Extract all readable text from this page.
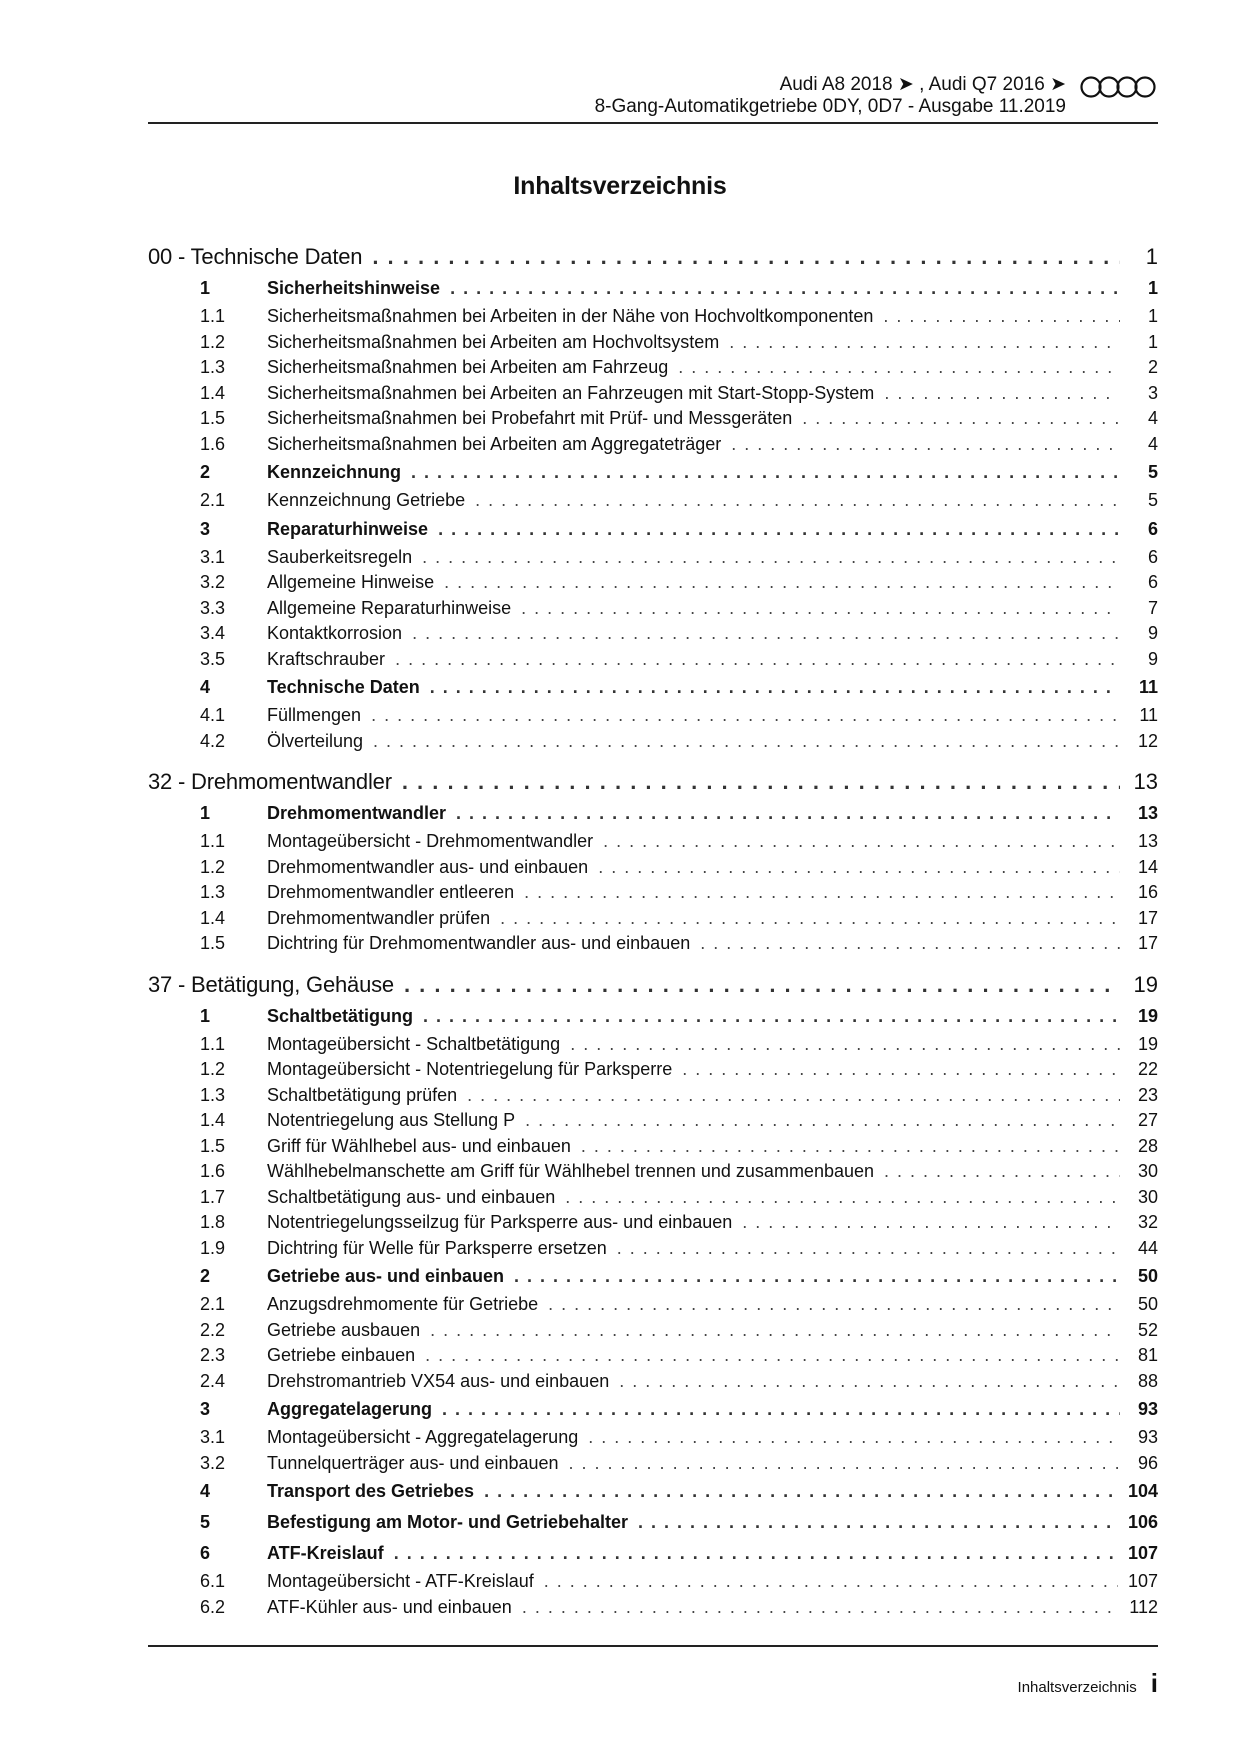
Audi A8 2018 ➤ , Audi Q7 2016 ➤
8-Gang-Automatikgetriebe 0DY, 0D7 - Ausgabe 11.2019
Inhaltsverzeichnis
00 - Technische Daten . . .	1
1	Sicherheitshinweise . . .	1
1.1	Sicherheitsmaßnahmen bei Arbeiten in der Nähe von Hochvoltkomponenten . . .	1
1.2	Sicherheitsmaßnahmen bei Arbeiten am Hochvoltsystem . . .	1
1.3	Sicherheitsmaßnahmen bei Arbeiten am Fahrzeug . . .	2
1.4	Sicherheitsmaßnahmen bei Arbeiten an Fahrzeugen mit Start-Stopp-System . . .	3
1.5	Sicherheitsmaßnahmen bei Probefahrt mit Prüf- und Messgeräten . . .	4
1.6	Sicherheitsmaßnahmen bei Arbeiten am Aggregateträger . . .	4
2	Kennzeichnung . . .	5
2.1	Kennzeichnung Getriebe . . .	5
3	Reparaturhinweise . . .	6
3.1	Sauberkeitsregeln . . .	6
3.2	Allgemeine Hinweise . . .	6
3.3	Allgemeine Reparaturhinweise . . .	7
3.4	Kontaktkorrosion . . .	9
3.5	Kraftschrauber . . .	9
4	Technische Daten . . .	11
4.1	Füllmengen . . .	11
4.2	Ölverteilung . . .	12
32 - Drehmomentwandler . . .	13
1	Drehmomentwandler . . .	13
1.1	Montageübersicht - Drehmomentwandler . . .	13
1.2	Drehmomentwandler aus- und einbauen . . .	14
1.3	Drehmomentwandler entleeren . . .	16
1.4	Drehmomentwandler prüfen . . .	17
1.5	Dichtring für Drehmomentwandler aus- und einbauen . . .	17
37 - Betätigung, Gehäuse . . .	19
1	Schaltbetätigung . . .	19
1.1	Montageübersicht - Schaltbetätigung . . .	19
1.2	Montageübersicht - Notentriegelung für Parksperre . . .	22
1.3	Schaltbetätigung prüfen . . .	23
1.4	Notentriegelung aus Stellung P . . .	27
1.5	Griff für Wählhebel aus- und einbauen . . .	28
1.6	Wählhebelmanschette am Griff für Wählhebel trennen und zusammenbauen . . .	30
1.7	Schaltbetätigung aus- und einbauen . . .	30
1.8	Notentriegelungsseilzug für Parksperre aus- und einbauen . . .	32
1.9	Dichtring für Welle für Parksperre ersetzen . . .	44
2	Getriebe aus- und einbauen . . .	50
2.1	Anzugsdrehmomente für Getriebe . . .	50
2.2	Getriebe ausbauen . . .	52
2.3	Getriebe einbauen . . .	81
2.4	Drehstromantrieb VX54 aus- und einbauen . . .	88
3	Aggregatelagerung . . .	93
3.1	Montageübersicht - Aggregatelagerung . . .	93
3.2	Tunnelquerträger aus- und einbauen . . .	96
4	Transport des Getriebes . . .	104
5	Befestigung am Motor- und Getriebehalter . . .	106
6	ATF-Kreislauf . . .	107
6.1	Montageübersicht - ATF-Kreislauf . . .	107
6.2	ATF-Kühler aus- und einbauen . . .	112
Inhaltsverzeichnis i
